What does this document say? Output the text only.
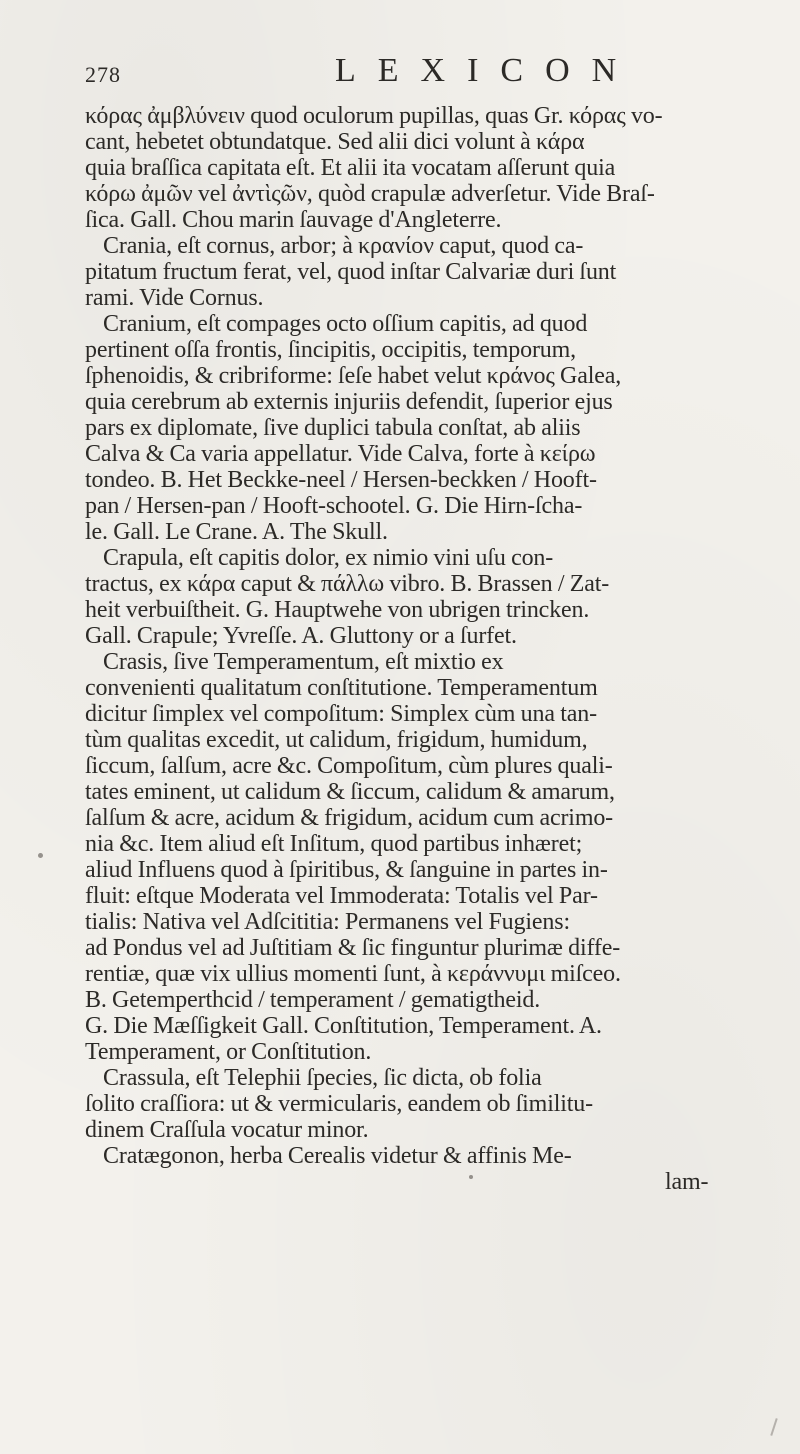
278	LEXICON
κόρας ἀμβλύνειν quod oculorum pupillas, quas Gr. κόρας vo-
cant, hebetet obtundatque. Sed alii dici volunt à κάρα
quia braſſica capitata eſt. Et alii ita vocatam aſſerunt quia
κόρω ἀμῶν vel ἀντὶςῶν, quòd crapulæ adverſetur. Vide Braſ-
ſica. Gall. Chou marin ſauvage d'Angleterre.
Crania, eſt cornus, arbor; à κρανίον caput, quod ca-
pitatum fructum ferat, vel, quod inſtar Calvariæ duri ſunt
rami. Vide Cornus.
Cranium, eſt compages octo oſſium capitis, ad quod
pertinent oſſa frontis, ſincipitis, occipitis, temporum,
ſphenoidis, & cribriforme: ſeſe habet velut κράνος Galea,
quia cerebrum ab externis injuriis defendit, ſuperior ejus
pars ex diplomate, ſive duplici tabula conſtat, ab aliis
Calva & Ca varia appellatur. Vide Calva, forte à κείρω
tondeo. B. Het Beckke-neel / Hersen-beckken / Hooft-
pan / Hersen-pan / Hooft-schootel. G. Die Hirn-ſcha-
le. Gall. Le Crane. A. The Skull.
Crapula, eſt capitis dolor, ex nimio vini uſu con-
tractus, ex κάρα caput & πάλλω vibro. B. Brassen / Zat-
heit verbuiſtheit. G. Hauptwehe von ubrigen trincken.
Gall. Crapule; Yvreſſe. A. Gluttony or a ſurfet.
Crasis, ſive Temperamentum, eſt mixtio ex
convenienti qualitatum conſtitutione. Temperamentum
dicitur ſimplex vel compoſitum: Simplex cùm una tan-
tùm qualitas excedit, ut calidum, frigidum, humidum,
ſiccum, ſalſum, acre &c. Compoſitum, cùm plures quali-
tates eminent, ut calidum & ſiccum, calidum & amarum,
ſalſum & acre, acidum & frigidum, acidum cum acrimo-
nia &c. Item aliud eſt Inſitum, quod partibus inhæret;
aliud Influens quod à ſpiritibus, & ſanguine in partes in-
fluit: eſtque Moderata vel Immoderata: Totalis vel Par-
tialis: Nativa vel Adſcititia: Permanens vel Fugiens:
ad Pondus vel ad Juſtitiam & ſic finguntur plurimæ diffe-
rentiæ, quæ vix ullius momenti ſunt, à κεράννυμι miſceo.
B. Getemperthcid / temperament / gematigtheid.
G. Die Mæſſigkeit Gall. Conſtitution, Temperament. A.
Temperament, or Conſtitution.
Crassula, eſt Telephii ſpecies, ſic dicta, ob folia
ſolito craſſiora: ut & vermicularis, eandem ob ſimilitu-
dinem Craſſula vocatur minor.
Cratægonon, herba Cerealis videtur & affinis Me-
lam-
